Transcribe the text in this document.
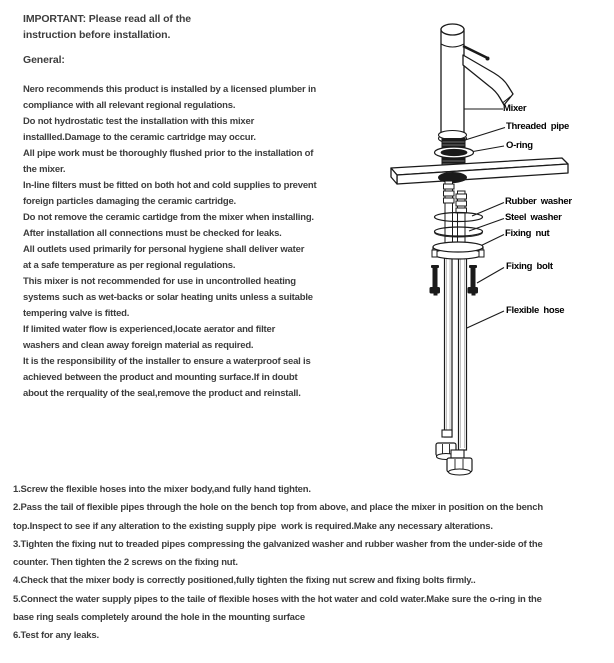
IMPORTANT: Please read all of the
instruction before installation.
General:
Nero recommends this product is installed by a licensed plumber in
compliance with all relevant regional regulations.
Do not hydrostatic test the installation with this mixer
installled.Damage to the ceramic cartridge may occur.
All pipe work must be thoroughly flushed prior to the installation of
the mixer.
In-line filters must be fitted on both hot and cold supplies to prevent
foreign particles damaging the ceramic cartridge.
Do not remove the ceramic cartidge from the mixer when installing.
After installation all connections must be checked for leaks.
All outlets used primarily for personal hygiene shall deliver water
at a safe temperature as per regional regulations.
This mixer is not recommended for use in uncontrolled heating
systems such as wet-backs or solar heating units unless a suitable
tempering valve is fitted.
If limited water flow is experienced,locate aerator and filter
washers and clean away foreign material as required.
It is the responsibility of the installer to ensure a waterproof seal is
achieved between the product and mounting surface.If in doubt
about the rerquality of the seal,remove the product and reinstall.
Mixer
Threaded pipe
O-ring
Rubber washer
Steel washer
Fixing nut
Fixing bolt
Flexible hose
1.Screw the flexible hoses into the mixer body,and fully hand tighten.
2.Pass the tail of flexible pipes through the hole on the bench top from above, and place the mixer in position on the bench
top.Inspect to see if any alteration to the existing supply pipe  work is required.Make any necessary alterations.
3.Tighten the fixing nut to treaded pipes compressing the galvanized washer and rubber washer from the under-side of the
counter. Then tighten the 2 screws on the fixing nut.
4.Check that the mixer body is correctly positioned,fully tighten the fixing nut screw and fixing bolts firmly..
5.Connect the water supply pipes to the taile of flexible hoses with the hot water and cold water.Make sure the o-ring in the
base ring seals completely around the hole in the mounting surface
6.Test for any leaks.
